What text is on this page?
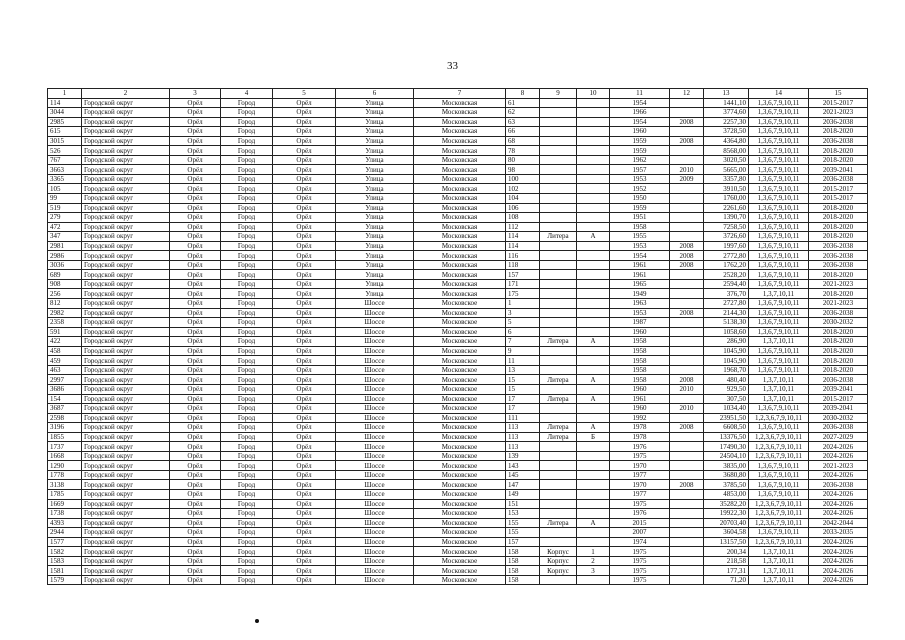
33
1	2	3	4	5	6	7	8	9	10	11	12	13	14	15
114	Городской округ	Орёл	Город	Орёл	Улица	Московская	61			1954		1441,10	1,3,6,7,9,10,11	2015-2017
3044	Городской округ	Орёл	Город	Орёл	Улица	Московская	62			1966		3774,60	1,3,6,7,9,10,11	2021-2023
2985	Городской округ	Орёл	Город	Орёл	Улица	Московская	63			1954	2008	2257,30	1,3,6,7,9,10,11	2036-2038
615	Городской округ	Орёл	Город	Орёл	Улица	Московская	66			1960		3728,50	1,3,6,7,9,10,11	2018-2020
3015	Городской округ	Орёл	Город	Орёл	Улица	Московская	68			1959	2008	4364,80	1,3,6,7,9,10,11	2036-2038
526	Городской округ	Орёл	Город	Орёл	Улица	Московская	78			1959		8568,00	1,3,6,7,9,10,11	2018-2020
767	Городской округ	Орёл	Город	Орёл	Улица	Московская	80			1962		3020,50	1,3,6,7,9,10,11	2018-2020
3663	Городской округ	Орёл	Город	Орёл	Улица	Московская	98			1957	2010	5665,00	1,3,6,7,9,10,11	2039-2041
3365	Городской округ	Орёл	Город	Орёл	Улица	Московская	100			1953	2009	3357,80	1,3,6,7,9,10,11	2036-2038
105	Городской округ	Орёл	Город	Орёл	Улица	Московская	102			1952		3910,50	1,3,6,7,9,10,11	2015-2017
99	Городской округ	Орёл	Город	Орёл	Улица	Московская	104			1950		1760,00	1,3,6,7,9,10,11	2015-2017
519	Городской округ	Орёл	Город	Орёл	Улица	Московская	106			1959		2261,60	1,3,6,7,9,10,11	2018-2020
279	Городской округ	Орёл	Город	Орёл	Улица	Московская	108			1951		1390,70	1,3,6,7,9,10,11	2018-2020
472	Городской округ	Орёл	Город	Орёл	Улица	Московская	112			1958		7258,50	1,3,6,7,9,10,11	2018-2020
347	Городской округ	Орёл	Город	Орёл	Улица	Московская	114	Литера	А	1955		3726,60	1,3,6,7,9,10,11	2018-2020
2981	Городской округ	Орёл	Город	Орёл	Улица	Московская	114			1953	2008	1997,60	1,3,6,7,9,10,11	2036-2038
2986	Городской округ	Орёл	Город	Орёл	Улица	Московская	116			1954	2008	2772,80	1,3,6,7,9,10,11	2036-2038
3036	Городской округ	Орёл	Город	Орёл	Улица	Московская	118			1961	2008	1762,20	1,3,6,7,9,10,11	2036-2038
689	Городской округ	Орёл	Город	Орёл	Улица	Московская	157			1961		2528,20	1,3,6,7,9,10,11	2018-2020
908	Городской округ	Орёл	Город	Орёл	Улица	Московская	171			1965		2594,40	1,3,6,7,9,10,11	2021-2023
256	Городской округ	Орёл	Город	Орёл	Улица	Московская	175			1949		376,70	1,3,7,10,11	2018-2020
812	Городской округ	Орёл	Город	Орёл	Шоссе	Московское	1			1963		2727,80	1,3,6,7,9,10,11	2021-2023
2982	Городской округ	Орёл	Город	Орёл	Шоссе	Московское	3			1953	2008	2144,30	1,3,6,7,9,10,11	2036-2038
2358	Городской округ	Орёл	Город	Орёл	Шоссе	Московское	5			1987		5138,30	1,3,6,7,9,10,11	2030-2032
591	Городской округ	Орёл	Город	Орёл	Шоссе	Московское	6			1960		1058,60	1,3,6,7,9,10,11	2018-2020
422	Городской округ	Орёл	Город	Орёл	Шоссе	Московское	7	Литера	А	1958		286,90	1,3,7,10,11	2018-2020
458	Городской округ	Орёл	Город	Орёл	Шоссе	Московское	9			1958		1045,90	1,3,6,7,9,10,11	2018-2020
459	Городской округ	Орёл	Город	Орёл	Шоссе	Московское	11			1958		1045,90	1,3,6,7,9,10,11	2018-2020
463	Городской округ	Орёл	Город	Орёл	Шоссе	Московское	13			1958		1968,70	1,3,6,7,9,10,11	2018-2020
2997	Городской округ	Орёл	Город	Орёл	Шоссе	Московское	15	Литера	А	1958	2008	480,40	1,3,7,10,11	2036-2038
3686	Городской округ	Орёл	Город	Орёл	Шоссе	Московское	15			1960	2010	929,50	1,3,7,10,11	2039-2041
154	Городской округ	Орёл	Город	Орёл	Шоссе	Московское	17	Литера	А	1961		307,50	1,3,7,10,11	2015-2017
3687	Городской округ	Орёл	Город	Орёл	Шоссе	Московское	17			1960	2010	1034,40	1,3,6,7,9,10,11	2039-2041
2598	Городской округ	Орёл	Город	Орёл	Шоссе	Московское	111			1992		23951,50	1,2,3,6,7,9,10,11	2030-2032
3196	Городской округ	Орёл	Город	Орёл	Шоссе	Московское	113	Литера	А	1978	2008	6608,50	1,3,6,7,9,10,11	2036-2038
1855	Городской округ	Орёл	Город	Орёл	Шоссе	Московское	113	Литера	Б	1978		13376,50	1,2,3,6,7,9,10,11	2027-2029
1737	Городской округ	Орёл	Город	Орёл	Шоссе	Московское	113			1976		17490,30	1,2,3,6,7,9,10,11	2024-2026
1668	Городской округ	Орёл	Город	Орёл	Шоссе	Московское	139			1975		24504,10	1,2,3,6,7,9,10,11	2024-2026
1290	Городской округ	Орёл	Город	Орёл	Шоссе	Московское	143			1970		3835,00	1,3,6,7,9,10,11	2021-2023
1778	Городской округ	Орёл	Город	Орёл	Шоссе	Московское	145			1977		3680,80	1,3,6,7,9,10,11	2024-2026
3138	Городской округ	Орёл	Город	Орёл	Шоссе	Московское	147			1970	2008	3785,50	1,3,6,7,9,10,11	2036-2038
1785	Городской округ	Орёл	Город	Орёл	Шоссе	Московское	149			1977		4853,00	1,3,6,7,9,10,11	2024-2026
1669	Городской округ	Орёл	Город	Орёл	Шоссе	Московское	151			1975		35282,20	1,2,3,6,7,9,10,11	2024-2026
1738	Городской округ	Орёл	Город	Орёл	Шоссе	Московское	153			1976		19922,30	1,2,3,6,7,9,10,11	2024-2026
4393	Городской округ	Орёл	Город	Орёл	Шоссе	Московское	155	Литера	А	2015		20703,40	1,2,3,6,7,9,10,11	2042-2044
2944	Городской округ	Орёл	Город	Орёл	Шоссе	Московское	155			2007		3604,58	1,3,6,7,9,10,11	2033-2035
1577	Городской округ	Орёл	Город	Орёл	Шоссе	Московское	157			1974		13157,50	1,2,3,6,7,9,10,11	2024-2026
1582	Городской округ	Орёл	Город	Орёл	Шоссе	Московское	158	Корпус	1	1975		200,34	1,3,7,10,11	2024-2026
1583	Городской округ	Орёл	Город	Орёл	Шоссе	Московское	158	Корпус	2	1975		218,58	1,3,7,10,11	2024-2026
1581	Городской округ	Орёл	Город	Орёл	Шоссе	Московское	158	Корпус	3	1975		177,31	1,3,7,10,11	2024-2026
1579	Городской округ	Орёл	Город	Орёл	Шоссе	Московское	158			1975		71,20	1,3,7,10,11	2024-2026
